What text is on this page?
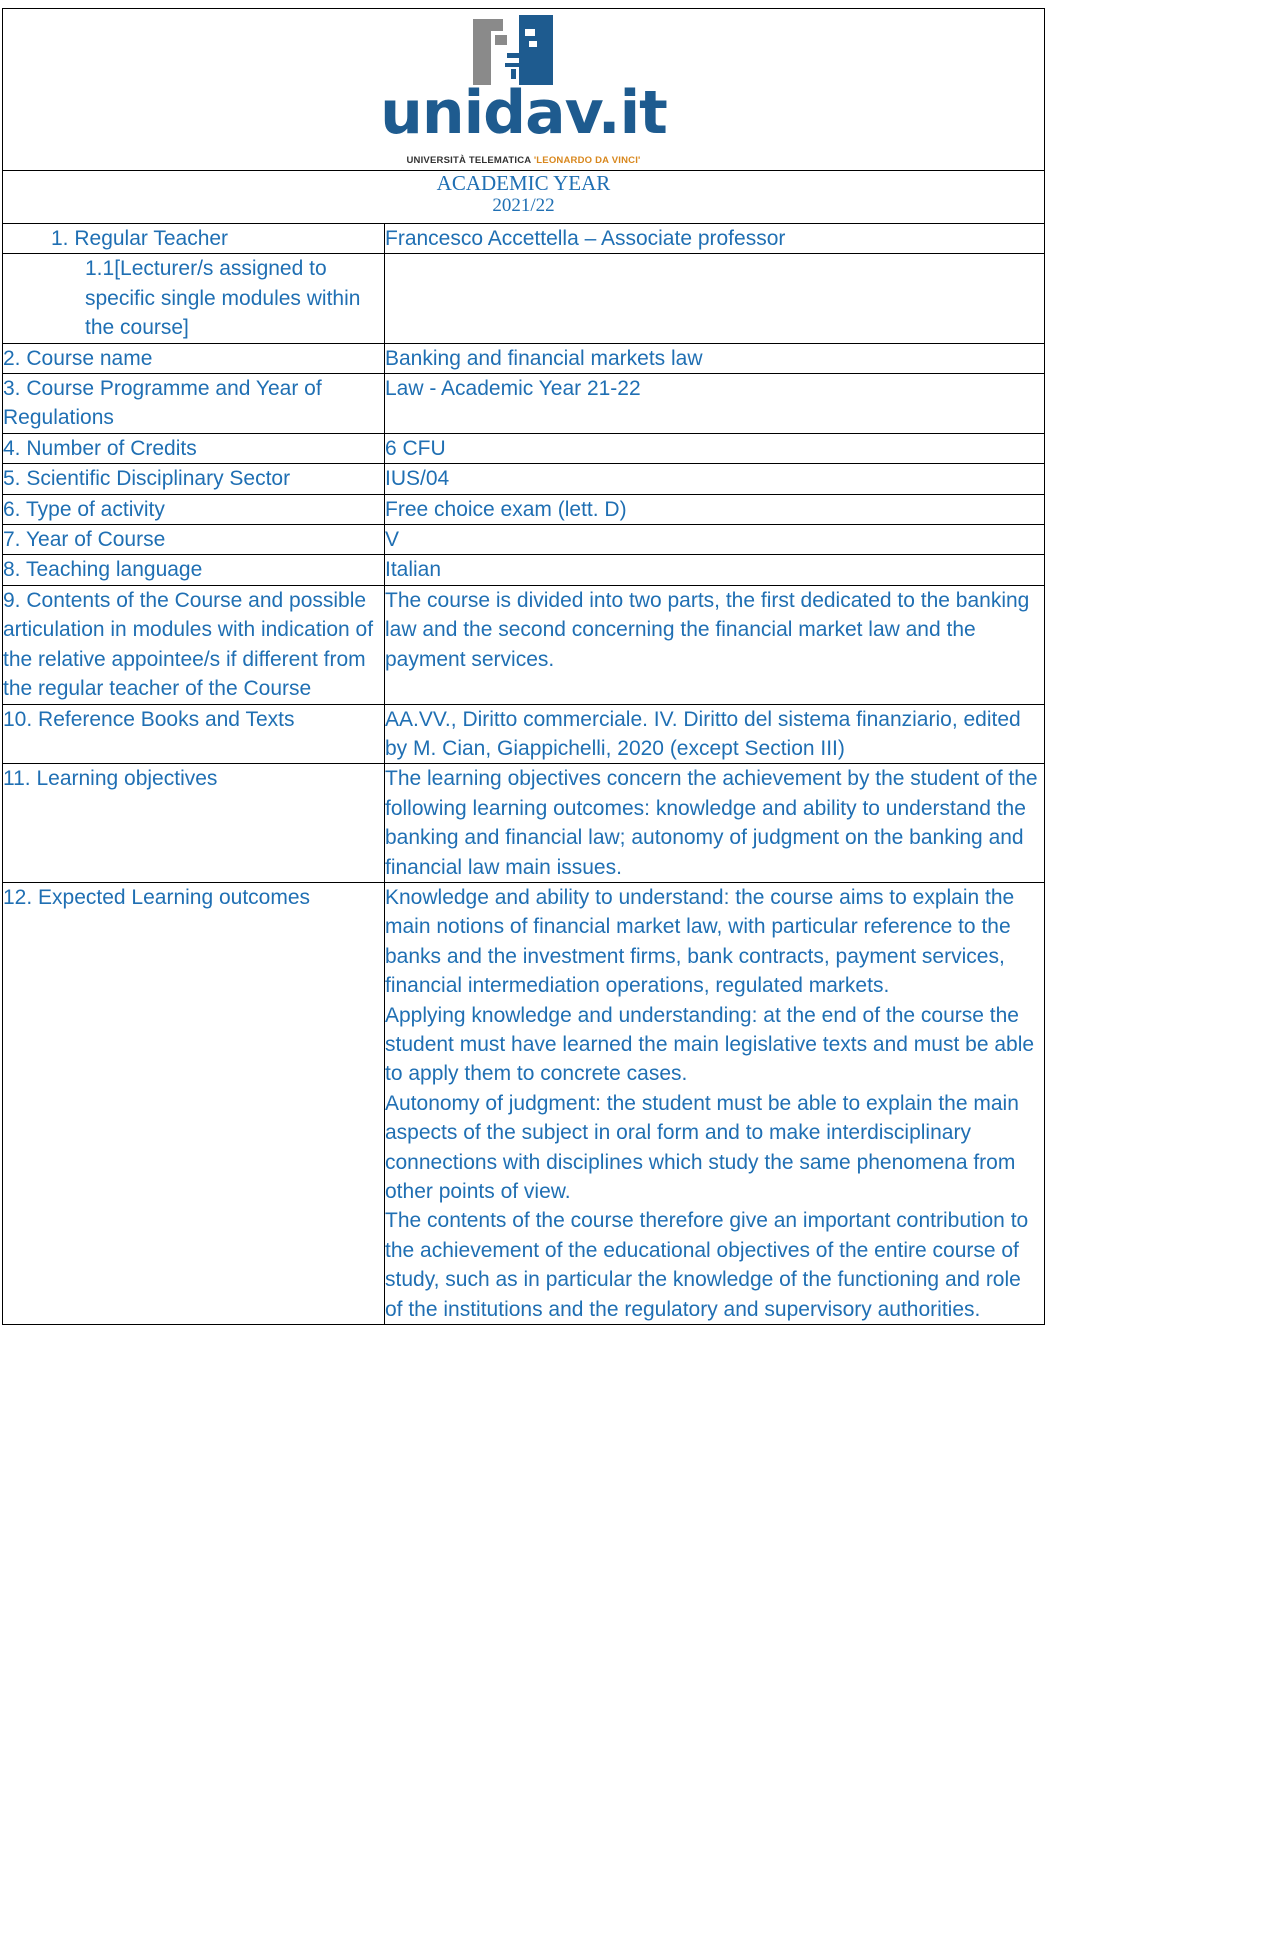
unidav.it
UNIVERSITÀ TELEMATICA 'LEONARDO DA VINCI'	

ACADEMIC YEAR
2021/22	

1. Regular Teacher	Francesco Accettella – Associate professor
1.1[Lecturer/s assigned to specific single modules within the course]	
2. Course name	Banking and financial markets law

3. Course Programme and Year of Regulations	Law - Academic Year 21-22
4. Number of Credits	6 CFU
5. Scientific Disciplinary Sector	IUS/04
6. Type of activity	Free choice exam (lett. D)
7. Year of Course	V
8. Teaching language	Italian
9. Contents of the Course and possible articulation in modules with indication of the relative appointee/s if different from the regular teacher of the Course	The course is divided into two parts, the first dedicated to the banking law and the second concerning the financial market law and the payment services.
10. Reference Books and Texts	AA.VV., Diritto commerciale. IV. Diritto del sistema finanziario, edited by M. Cian, Giappichelli, 2020 (except Section III)
11. Learning objectives	The learning objectives concern the achievement by the student of the following learning outcomes: knowledge and ability to understand the banking and financial law; autonomy of judgment on the banking and financial law main issues.
12. Expected Learning outcomes	Knowledge and ability to understand: the course aims to explain the main notions of financial market law, with particular reference to the banks and the investment firms, bank contracts, payment services, financial intermediation operations, regulated markets.
Applying knowledge and understanding: at the end of the course the student must have learned the main legislative texts and must be able to apply them to concrete cases.
Autonomy of judgment: the student must be able to explain the main aspects of the subject in oral form and to make interdisciplinary connections with disciplines which study the same phenomena from other points of view.
The contents of the course therefore give an important contribution to the achievement of the educational objectives of the entire course of study, such as in particular the knowledge of the functioning and role of the institutions and the regulatory and supervisory authorities.
